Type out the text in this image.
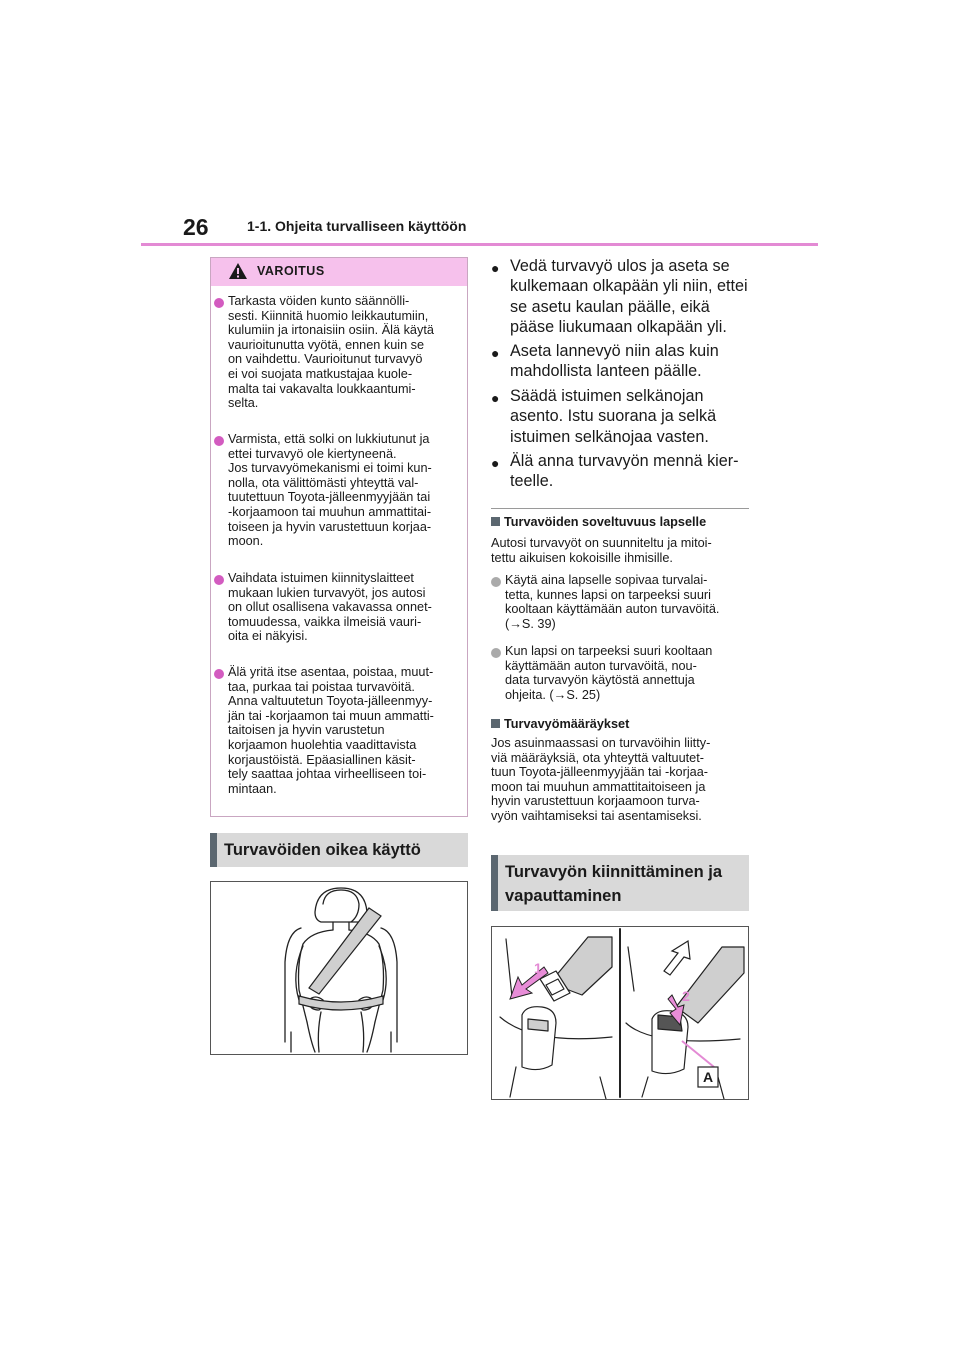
26	1-1. Ohjeita turvalliseen käyttöön
VAROITUS
Tarkasta vöiden kunto säännölli-
sesti. Kiinnitä huomio leikkautumiin,
kulumiin ja irtonaisiin osiin. Älä käytä
vaurioitunutta vyötä, ennen kuin se
on vaihdettu. Vaurioitunut turvavyö
ei voi suojata matkustajaa kuole-
malta tai vakavalta loukkaantumi-
selta.
Varmista, että solki on lukkiutunut ja
ettei turvavyö ole kiertyneenä.
Jos turvavyömekanismi ei toimi kun-
nolla, ota välittömästi yhteyttä val-
tuutettuun Toyota-jälleenmyyjään tai
-korjaamoon tai muuhun ammattitai-
toiseen ja hyvin varustettuun korjaa-
moon.
Vaihdata istuimen kiinnityslaitteet
mukaan lukien turvavyöt, jos autosi
on ollut osallisena vakavassa onnet-
tomuudessa, vaikka ilmeisiä vauri-
oita ei näkyisi.
Älä yritä itse asentaa, poistaa, muut-
taa, purkaa tai poistaa turvavöitä.
Anna valtuutetun Toyota-jälleenmyy-
jän tai -korjaamon tai muun ammatti-
taitoisen ja hyvin varustetun
korjaamon huolehtia vaadittavista
korjaustöistä. Epäasiallinen käsit-
tely saattaa johtaa virheelliseen toi-
mintaan.
Turvavöiden oikea käyttö
● Vedä turvavyö ulos ja aseta se
kulkemaan olkapään yli niin, ettei
se asetu kaulan päälle, eikä
pääse liukumaan olkapään yli.
● Aseta lannevyö niin alas kuin
mahdollista lanteen päälle.
● Säädä istuimen selkänojan
asento. Istu suorana ja selkä
istuimen selkänojaa vasten.
● Älä anna turvavyön mennä kier-
teelle.
Turvavöiden soveltuvuus lapselle
Autosi turvavyöt on suunniteltu ja mitoi-
tettu aikuisen kokoisille ihmisille.
Käytä aina lapselle sopivaa turvalai-
tetta, kunnes lapsi on tarpeeksi suuri
kooltaan käyttämään auton turvavöitä.
(→S. 39)
Kun lapsi on tarpeeksi suuri kooltaan
käyttämään auton turvavöitä, nou-
data turvavyön käytöstä annettuja
ohjeita. (→S. 25)
Turvavyömääräykset
Jos asuinmaassasi on turvavöihin liitty-
viä määräyksiä, ota yhteyttä valtuutet-
tuun Toyota-jälleenmyyjään tai -korjaa-
moon tai muuhun ammattitaitoiseen ja
hyvin varustettuun korjaamoon turva-
vyön vaihtamiseksi tai asentamiseksi.
Turvavyön kiinnittäminen ja
vapauttaminen
1
2
A
